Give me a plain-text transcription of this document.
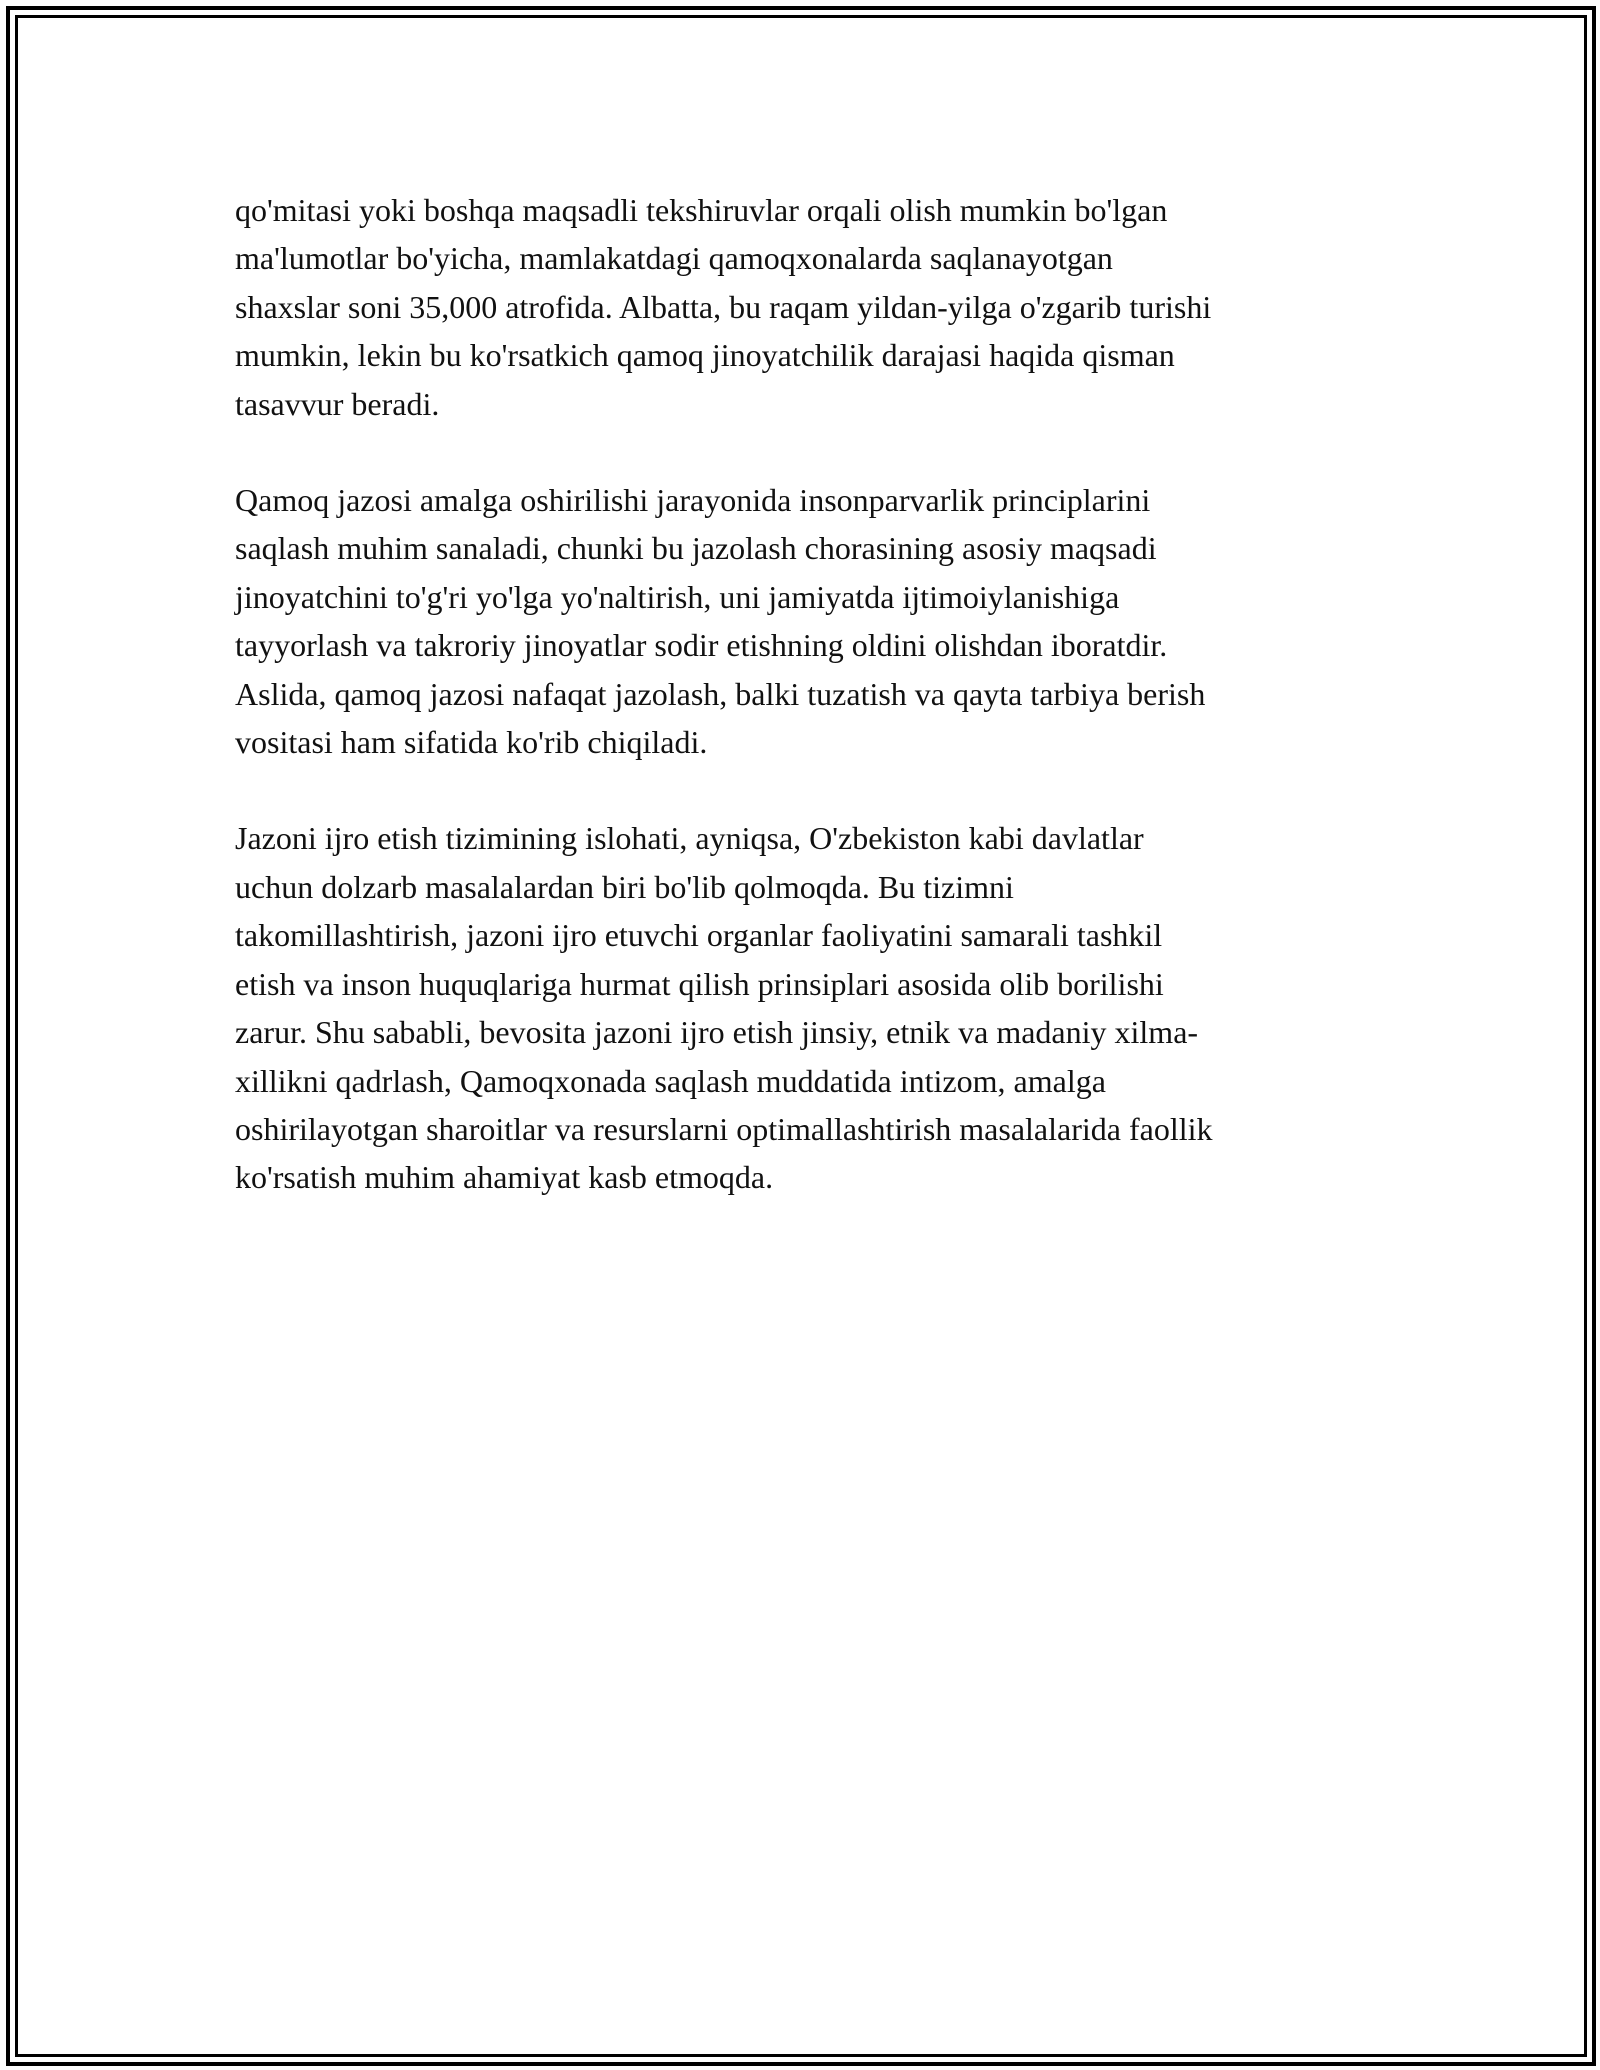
qo'mitasi yoki boshqa maqsadli tekshiruvlar orqali olish mumkin bo'lgan
ma'lumotlar bo'yicha, mamlakatdagi qamoqxonalarda saqlanayotgan
shaxslar soni 35,000 atrofida. Albatta, bu raqam yildan-yilga o'zgarib turishi
mumkin, lekin bu ko'rsatkich qamoq jinoyatchilik darajasi haqida qisman
tasavvur beradi.

Qamoq jazosi amalga oshirilishi jarayonida insonparvarlik principlarini
saqlash muhim sanaladi, chunki bu jazolash chorasining asosiy maqsadi
jinoyatchini to'g'ri yo'lga yo'naltirish, uni jamiyatda ijtimoiylanishiga
tayyorlash va takroriy jinoyatlar sodir etishning oldini olishdan iboratdir.
Aslida, qamoq jazosi nafaqat jazolash, balki tuzatish va qayta tarbiya berish
vositasi ham sifatida ko'rib chiqiladi.

Jazoni ijro etish tizimining islohati, ayniqsa, O'zbekiston kabi davlatlar
uchun dolzarb masalalardan biri bo'lib qolmoqda. Bu tizimni
takomillashtirish, jazoni ijro etuvchi organlar faoliyatini samarali tashkil
etish va inson huquqlariga hurmat qilish prinsiplari asosida olib borilishi
zarur. Shu sababli, bevosita jazoni ijro etish jinsiy, etnik va madaniy xilma-
xillikni qadrlash, Qamoqxonada saqlash muddatida intizom, amalga
oshirilayotgan sharoitlar va resurslarni optimallashtirish masalalarida faollik
ko'rsatish muhim ahamiyat kasb etmoqda.
